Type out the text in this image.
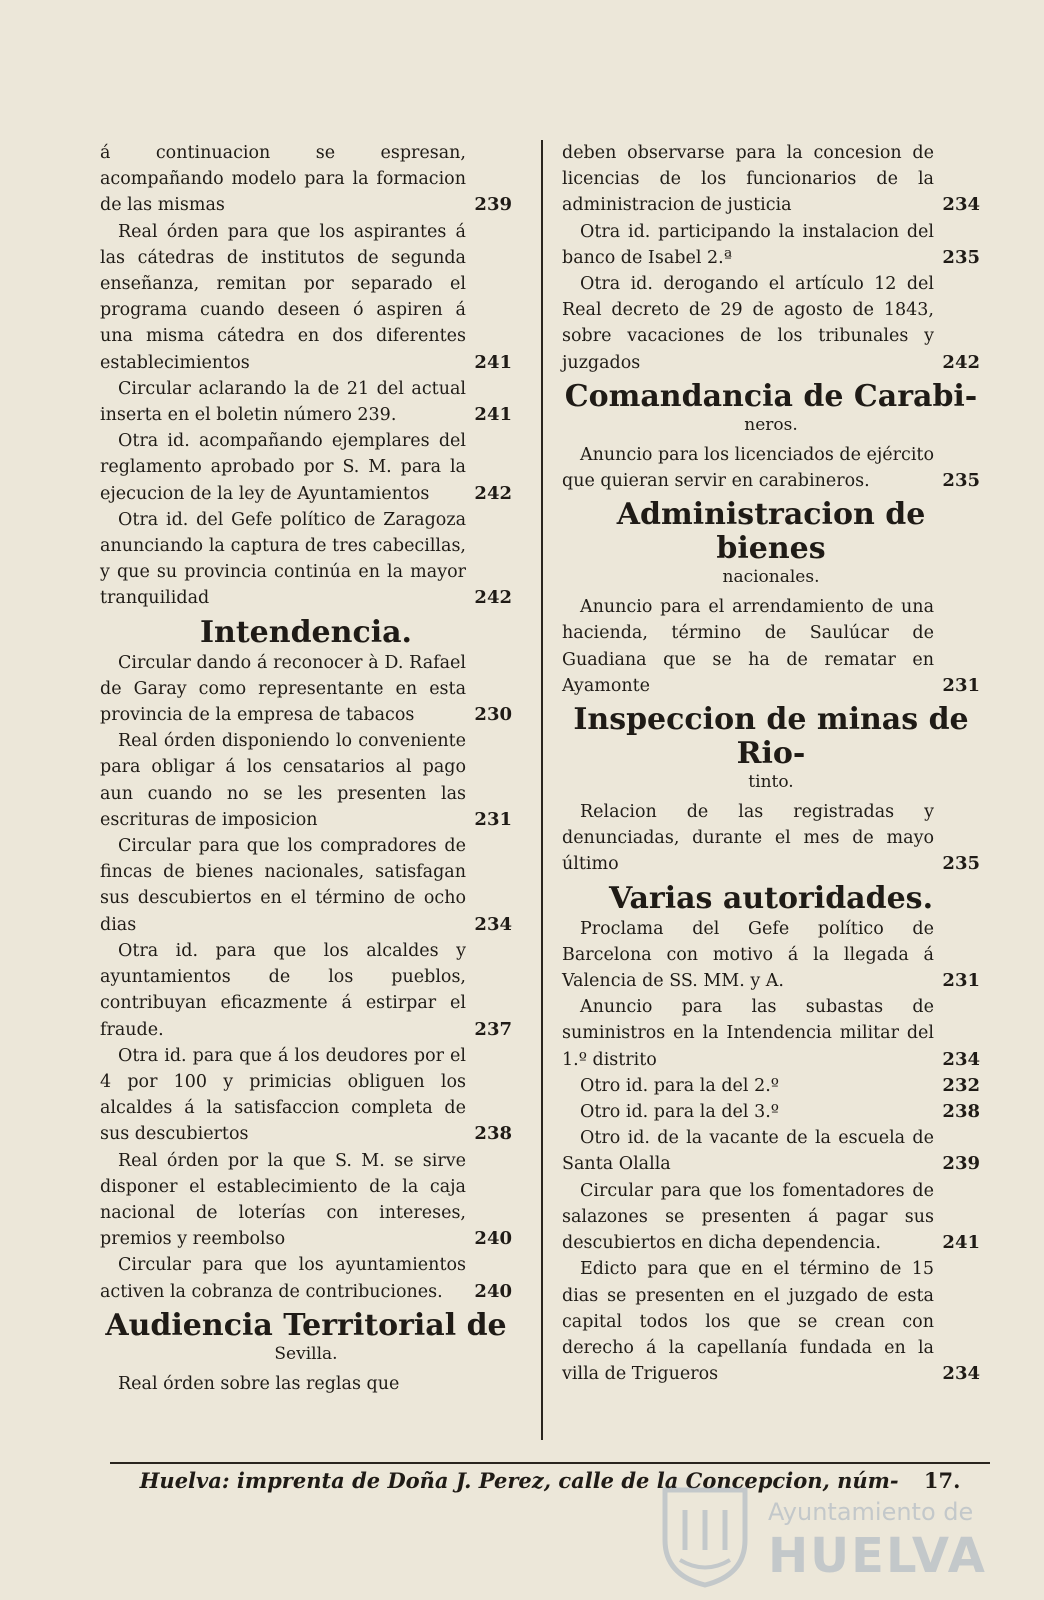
á continuacion se espresan, acompañando modelo para la formacion de las mismas	239
Real órden para que los aspirantes á las cátedras de institutos de segunda enseñanza, remitan por separado el programa cuando deseen ó aspiren á una misma cátedra en dos diferentes establecimientos	241
Circular aclarando la de 21 del actual inserta en el boletin número 239.	241
Otra id. acompañando ejemplares del reglamento aprobado por S. M. para la ejecucion de la ley de Ayuntamientos	242
Otra id. del Gefe político de Zaragoza anunciando la captura de tres cabecillas, y que su provincia continúa en la mayor tranquilidad	242
Intendencia.
Circular dando á reconocer à D. Rafael de Garay como representante en esta provincia de la empresa de tabacos	230
Real órden disponiendo lo conveniente para obligar á los censatarios al pago aun cuando no se les presenten las escrituras de imposicion	231
Circular para que los compradores de fincas de bienes nacionales, satisfagan sus descubiertos en el término de ocho dias	234
Otra id. para que los alcaldes y ayuntamientos de los pueblos, contribuyan eficazmente á estirpar el fraude.	237
Otra id. para que á los deudores por el 4 por 100 y primicias obliguen los alcaldes á la satisfaccion completa de sus descubiertos	238
Real órden por la que S. M. se sirve disponer el establecimiento de la caja nacional de loterías con intereses, premios y reembolso	240
Circular para que los ayuntamientos activen la cobranza de contribuciones.	240
Audiencia Territorial de
Sevilla.
Real órden sobre las reglas que
deben observarse para la concesion de licencias de los funcionarios de la administracion de justicia	234
Otra id. participando la instalacion del banco de Isabel 2.ª	235
Otra id. derogando el artículo 12 del Real decreto de 29 de agosto de 1843, sobre vacaciones de los tribunales y juzgados	242
Comandancia de Carabi-
neros.
Anuncio para los licenciados de ejército que quieran servir en carabineros.	235
Administracion de bienes
nacionales.
Anuncio para el arrendamiento de una hacienda, término de Saulúcar de Guadiana que se ha de rematar en Ayamonte	231
Inspeccion de minas de Rio-
tinto.
Relacion de las registradas y denunciadas, durante el mes de mayo último	235
Varias autoridades.
Proclama del Gefe político de Barcelona con motivo á la llegada á Valencia de SS. MM. y A.	231
Anuncio para las subastas de suministros en la Intendencia militar del 1.º distrito	234
Otro id. para la del 2.º	232
Otro id. para la del 3.º	238
Otro id. de la vacante de la escuela de Santa Olalla	239
Circular para que los fomentadores de salazones se presenten á pagar sus descubiertos en dicha dependencia.	241
Edicto para que en el término de 15 dias se presenten en el juzgado de esta capital todos los que se crean con derecho á la capellanía fundada en la villa de Trigueros	234
Huelva: imprenta de Doña J. Perez, calle de la Concepcion, núm- 17.
Ayuntamiento de
HUELVA
